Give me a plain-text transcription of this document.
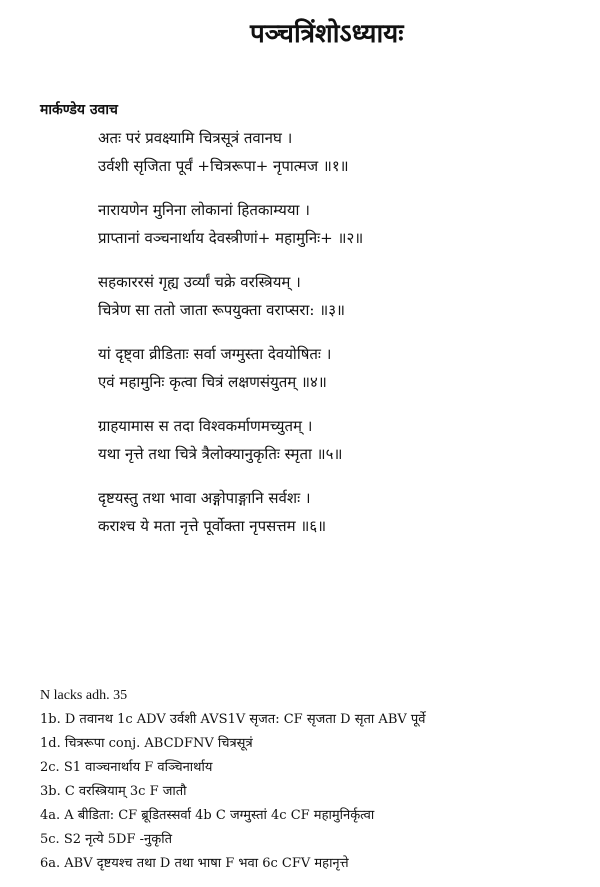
पञ्चत्रिंशोऽध्यायः
मार्कण्डेय उवाच
अतः परं प्रवक्ष्यामि चित्रसूत्रं तवानघ ।
उर्वशी सृजिता पूर्वं +चित्ररूपा+ नृपात्मज ॥१॥
नारायणेन मुनिना लोकानां हितकाम्यया ।
प्राप्तानां वञ्चनार्थाय देवस्त्रीणां+ महामुनिः+ ॥२॥
सहकाररसं गृह्य उर्व्यां चक्रे वरस्त्रियम् ।
चित्रेण सा ततो जाता रूपयुक्ता वराप्सरा: ॥३॥
यां दृष्ट्वा व्रीडिताः सर्वा जग्मुस्ता देवयोषितः ।
एवं महामुनिः कृत्वा चित्रं लक्षणसंयुतम् ॥४॥
ग्राहयामास स तदा विश्वकर्माणमच्युतम् ।
यथा नृत्ते तथा चित्रे त्रैलोक्यानुकृतिः स्मृता ॥५॥
दृष्टयस्तु तथा भावा अङ्गोपाङ्गानि सर्वशः ।
कराश्च ये मता नृत्ते पूर्वोक्ता नृपसत्तम ॥६॥
N lacks adh. 35
1b. D तवानथ 1c ADV उर्वशी AVS1V सृजत: CF सृजता D सृता ABV पूर्वे
1d. चित्ररूपा conj. ABCDFNV चित्रसूत्रं
2c. S1 वाञ्चनार्थाय F वञ्चिनार्थाय
3b. C वरस्त्रियाम् 3c F जातौ
4a. A बीडिता: CF ब्रूडितस्सर्वा 4b C जग्मुस्तां 4c CF महामुनिर्कृत्वा
5c. S2 नृत्ये 5DF -नुकृति
6a. ABV दृष्टयश्च तथा D तथा भाषा F भवा 6c CFV महानृत्ते
